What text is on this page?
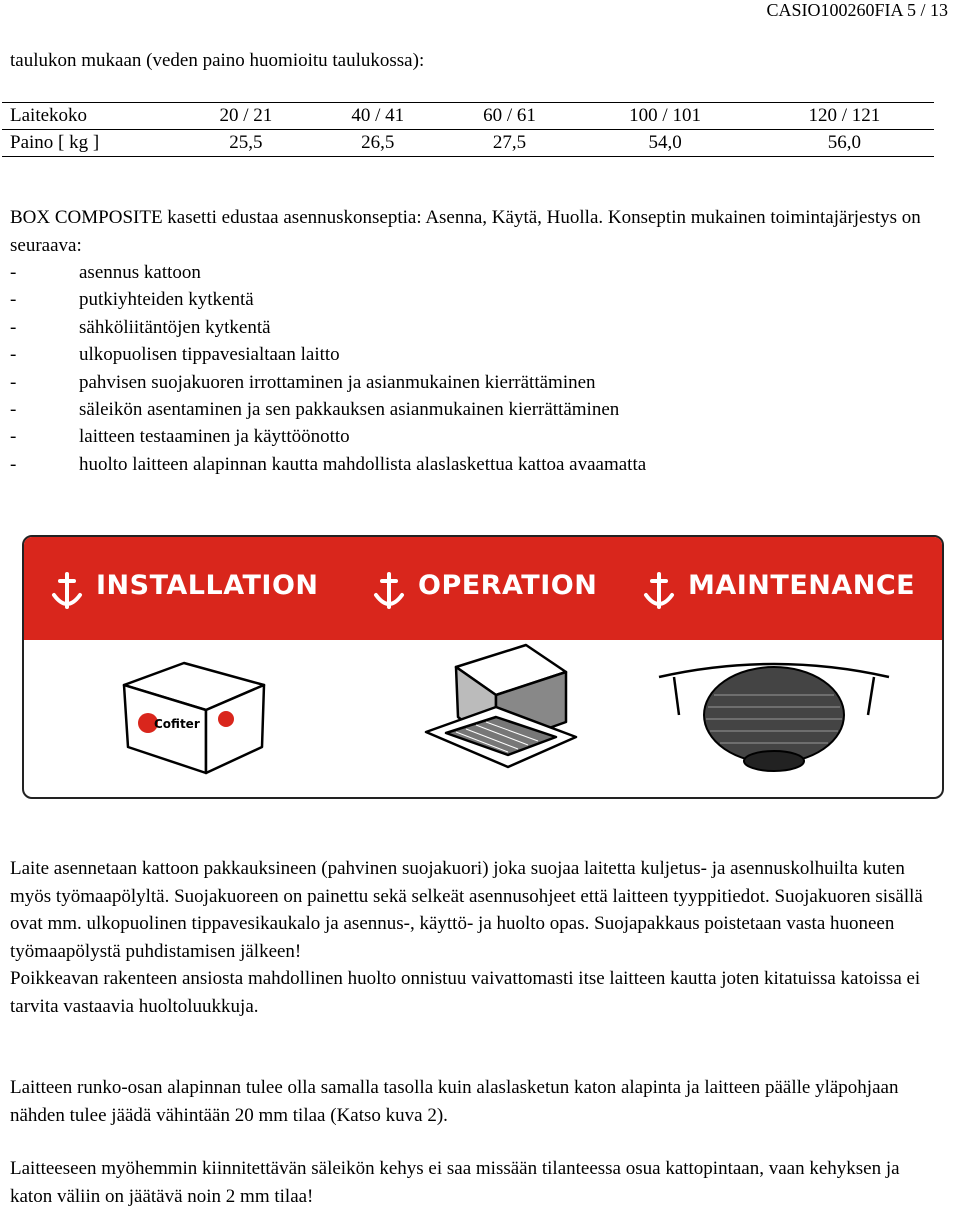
CASIO100260FIA 5 / 13
taulukon mukaan (veden paino huomioitu taulukossa):
Laitekoko	20 / 21	40 / 41	60 / 61	100 / 101	120 / 121
Paino [ kg ]	25,5	26,5	27,5	54,0	56,0

BOX COMPOSITE kasetti edustaa asennuskonseptia: Asenna, Käytä, Huolla. Konseptin mukainen toimintajärjestys on seuraava:

-	asennus kattoon
-	putkiyhteiden kytkentä
-	sähköliitäntöjen kytkentä
-	ulkopuolisen tippavesialtaan laitto
-	pahvisen suojakuoren irrottaminen ja asianmukainen kierrättäminen
-	säleikön asentaminen ja sen pakkauksen asianmukainen kierrättäminen
-	laitteen testaaminen ja käyttöönotto
-	huolto laitteen alapinnan kautta mahdollista alaslaskettua kattoa avaamatta
INSTALLATION	OPERATION	MAINTENANCE
Cofiter

Laite asennetaan kattoon pakkauksineen (pahvinen suojakuori) joka suojaa laitetta kuljetus- ja asennuskolhuilta kuten myös työmaapölyltä. Suojakuoreen on painettu sekä selkeät asennusohjeet että laitteen tyyppitiedot. Suojakuoren sisällä ovat mm. ulkopuolinen tippavesikaukalo ja asennus-, käyttö- ja huolto opas. Suojapakkaus poistetaan vasta huoneen työmaapölystä puhdistamisen jälkeen!
Poikkeavan rakenteen ansiosta mahdollinen huolto onnistuu vaivattomasti itse laitteen kautta joten kitatuissa katoissa ei tarvita vastaavia huoltoluukkuja.

Laitteen runko-osan alapinnan tulee olla samalla tasolla kuin alaslasketun katon alapinta ja laitteen päälle yläpohjaan nähden tulee jäädä vähintään 20 mm tilaa (Katso kuva 2).

Laitteeseen myöhemmin kiinnitettävän säleikön kehys ei saa missään tilanteessa osua kattopintaan, vaan kehyksen ja katon väliin on jäätävä noin 2 mm tilaa!
